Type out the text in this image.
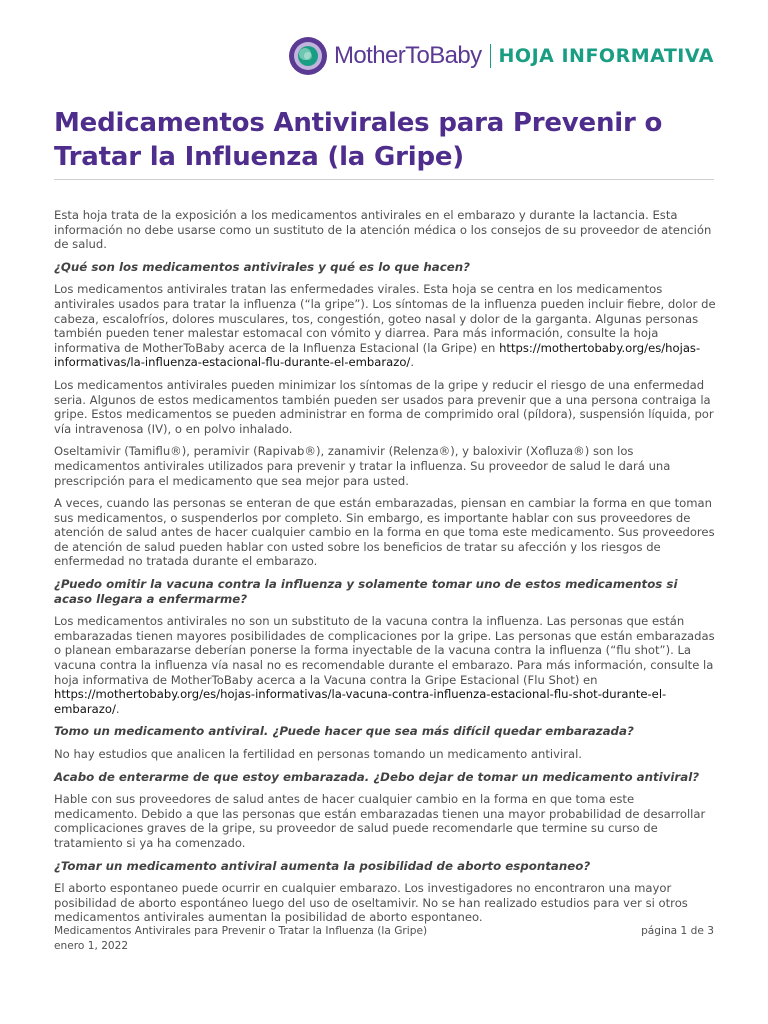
MotherToBaby HOJA INFORMATIVA
Medicamentos Antivirales para Prevenir o Tratar la Influenza (la Gripe)

Esta hoja trata de la exposición a los medicamentos antivirales en el embarazo y durante la lactancia. Esta información no debe usarse como un sustituto de la atención médica o los consejos de su proveedor de atención de salud.

¿Qué son los medicamentos antivirales y qué es lo que hacen?

Los medicamentos antivirales tratan las enfermedades virales. Esta hoja se centra en los medicamentos antivirales usados para tratar la influenza (“la gripe”). Los síntomas de la influenza pueden incluir fiebre, dolor de cabeza, escalofríos, dolores musculares, tos, congestión, goteo nasal y dolor de la garganta. Algunas personas también pueden tener malestar estomacal con vómito y diarrea. Para más información, consulte la hoja informativa de MotherToBaby acerca de la Influenza Estacional (la Gripe) en https://mothertobaby.org/es/hojas-informativas/la-influenza-estacional-flu-durante-el-embarazo/.

Los medicamentos antivirales pueden minimizar los síntomas de la gripe y reducir el riesgo de una enfermedad seria. Algunos de estos medicamentos también pueden ser usados para prevenir que a una persona contraiga la gripe. Estos medicamentos se pueden administrar en forma de comprimido oral (píldora), suspensión líquida, por vía intravenosa (IV), o en polvo inhalado.

Oseltamivir (Tamiflu®), peramivir (Rapivab®), zanamivir (Relenza®), y baloxivir (Xofluza®) son los medicamentos antivirales utilizados para prevenir y tratar la influenza. Su proveedor de salud le dará una prescripción para el medicamento que sea mejor para usted.

A veces, cuando las personas se enteran de que están embarazadas, piensan en cambiar la forma en que toman sus medicamentos, o suspenderlos por completo. Sin embargo, es importante hablar con sus proveedores de atención de salud antes de hacer cualquier cambio en la forma en que toma este medicamento. Sus proveedores de atención de salud pueden hablar con usted sobre los beneficios de tratar su afección y los riesgos de enfermedad no tratada durante el embarazo.

¿Puedo omitir la vacuna contra la influenza y solamente tomar uno de estos medicamentos si acaso llegara a enfermarme?

Los medicamentos antivirales no son un substituto de la vacuna contra la influenza. Las personas que están embarazadas tienen mayores posibilidades de complicaciones por la gripe. Las personas que están embarazadas o planean embarazarse deberían ponerse la forma inyectable de la vacuna contra la influenza (“flu shot”). La vacuna contra la influenza vía nasal no es recomendable durante el embarazo. Para más información, consulte la hoja informativa de MotherToBaby acerca a la Vacuna contra la Gripe Estacional (Flu Shot) en https://mothertobaby.org/es/hojas-informativas/la-vacuna-contra-influenza-estacional-flu-shot-durante-el-embarazo/.

Tomo un medicamento antiviral. ¿Puede hacer que sea más difícil quedar embarazada?

No hay estudios que analicen la fertilidad en personas tomando un medicamento antiviral.

Acabo de enterarme de que estoy embarazada. ¿Debo dejar de tomar un medicamento antiviral?

Hable con sus proveedores de salud antes de hacer cualquier cambio en la forma en que toma este medicamento. Debido a que las personas que están embarazadas tienen una mayor probabilidad de desarrollar complicaciones graves de la gripe, su proveedor de salud puede recomendarle que termine su curso de tratamiento si ya ha comenzado.

¿Tomar un medicamento antiviral aumenta la posibilidad de aborto espontaneo?

El aborto espontaneo puede ocurrir en cualquier embarazo. Los investigadores no encontraron una mayor posibilidad de aborto espontáneo luego del uso de oseltamivir. No se han realizado estudios para ver si otros medicamentos antivirales aumentan la posibilidad de aborto espontaneo.

Medicamentos Antivirales para Prevenir o Tratar la Influenza (la Gripe)
enero 1, 2022
página 1 de 3
